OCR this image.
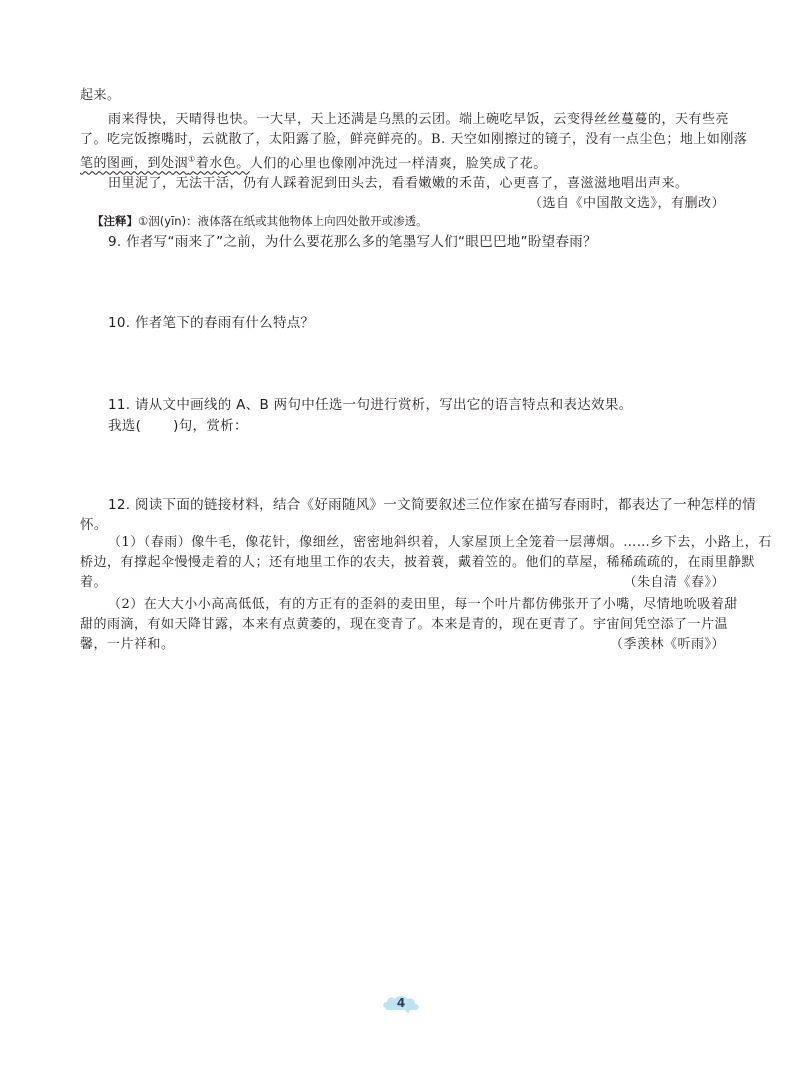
起来。
雨来得快，天晴得也快。一大早，天上还满是乌黑的云团。端上碗吃早饭，云变得丝丝蔓蔓的，天有些亮
了。吃完饭擦嘴时，云就散了，太阳露了脸，鲜亮鲜亮的。B. 天空如刚擦过的镜子，没有一点尘色；地上如刚落
笔的图画，到处洇①着水色。人们的心里也像刚冲洗过一样清爽，脸笑成了花。
田里泥了，无法干活，仍有人踩着泥到田头去，看看嫩嫩的禾苗，心更喜了，喜滋滋地唱出声来。
（选自《中国散文选》，有删改）
【注释】①洇(yīn)：液体落在纸或其他物体上向四处散开或渗透。
9. 作者写“雨来了”之前，为什么要花那么多的笔墨写人们“眼巴巴地”盼望春雨？
10. 作者笔下的春雨有什么特点？
11. 请从文中画线的 A、B 两句中任选一句进行赏析，写出它的语言特点和表达效果。
我选( )句，赏析：
12. 阅读下面的链接材料，结合《好雨随风》一文简要叙述三位作家在描写春雨时，都表达了一种怎样的情
怀。
（1）（春雨）像牛毛，像花针，像细丝，密密地斜织着，人家屋顶上全笼着一层薄烟。……乡下去，小路上，石
桥边，有撑起伞慢慢走着的人；还有地里工作的农夫，披着蓑，戴着笠的。他们的草屋，稀稀疏疏的，在雨里静默
着。	（朱自清《春》）
（2）在大大小小高高低低，有的方正有的歪斜的麦田里，每一个叶片都仿佛张开了小嘴，尽情地吮吸着甜
甜的雨滴，有如天降甘露，本来有点黄萎的，现在变青了。本来是青的，现在更青了。宇宙间凭空添了一片温
馨，一片祥和。	（季羡林《听雨》）
4
